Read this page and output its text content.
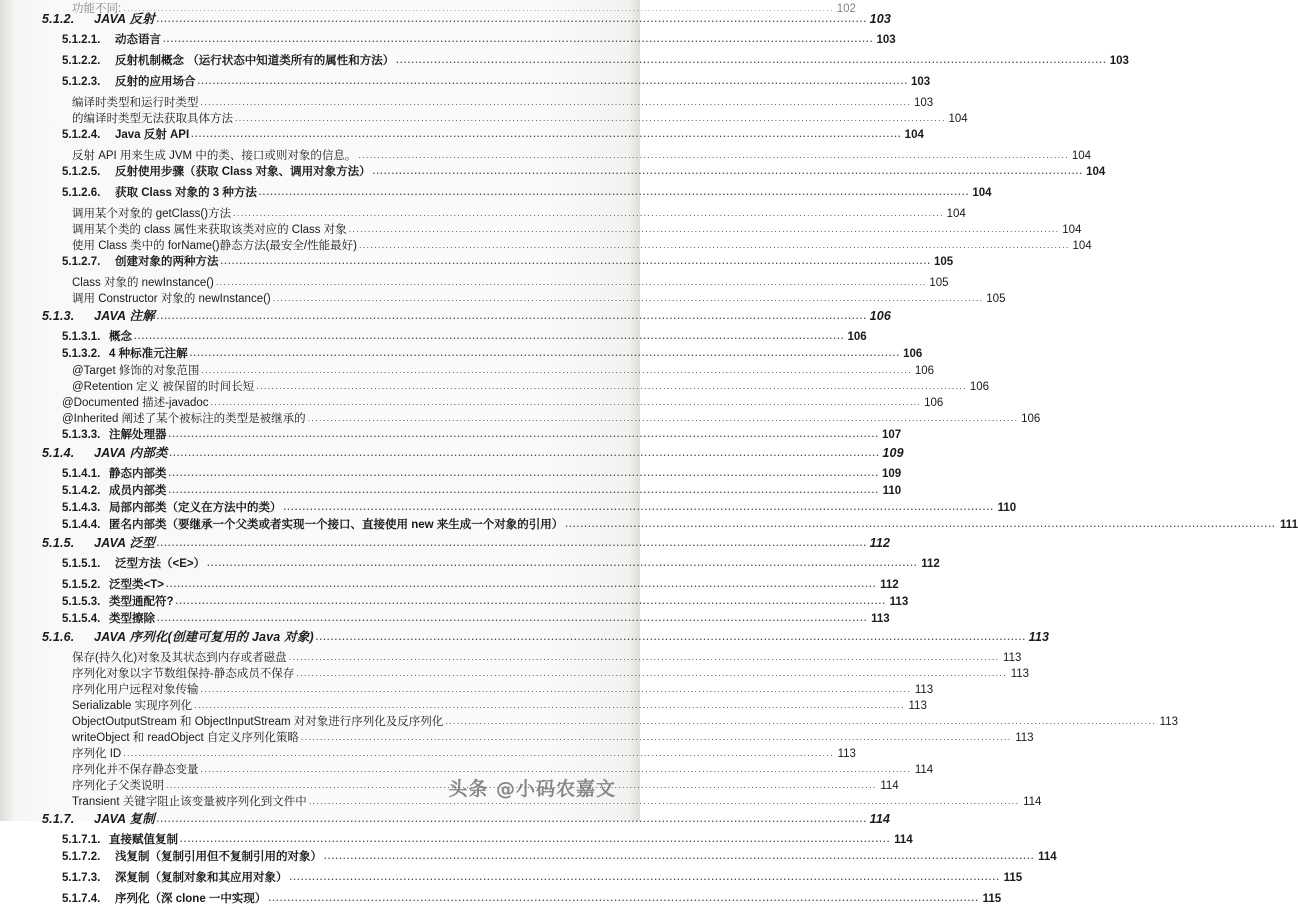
功能不同: .....	102
5.1.2.	JAVA 反射 .....	103
5.1.2.1.	动态语言 .....	103
5.1.2.2.	反射机制概念 （运行状态中知道类所有的属性和方法） .....	103
5.1.2.3.	反射的应用场合 .....	103
编译时类型和运行时类型 .....	103
的编译时类型无法获取具体方法 .....	104
5.1.2.4.	Java 反射 API .....	104
反射 API 用来生成 JVM 中的类、接口或则对象的信息。 .....	104
5.1.2.5.	反射使用步骤（获取 Class 对象、调用对象方法） .....	104
5.1.2.6.	获取 Class 对象的 3 种方法 .....	104
调用某个对象的 getClass()方法 .....	104
调用某个类的 class 属性来获取该类对应的 Class 对象 .....	104
使用 Class 类中的 forName()静态方法(最安全/性能最好) .....	104
5.1.2.7.	创建对象的两种方法 .....	105
Class 对象的 newInstance() .....	105
调用 Constructor 对象的 newInstance() .....	105
5.1.3.	JAVA 注解 .....	106
5.1.3.1. 概念 .....	106
5.1.3.2. 4 种标准元注解 .....	106
@Target 修饰的对象范围 .....	106
@Retention 定义 被保留的时间长短 .....	106
@Documented 描述-javadoc .....	106
@Inherited 阐述了某个被标注的类型是被继承的 .....	106
5.1.3.3. 注解处理器 .....	107
5.1.4.	JAVA 内部类 .....	109
5.1.4.1. 静态内部类 .....	109
5.1.4.2. 成员内部类 .....	110
5.1.4.3. 局部内部类（定义在方法中的类） .....	110
5.1.4.4. 匿名内部类（要继承一个父类或者实现一个接口、直接使用 new 来生成一个对象的引用） .....	111
5.1.5.	JAVA 泛型 .....	112
5.1.5.1.	泛型方法（<E>） .....	112
5.1.5.2. 泛型类<T> .....	112
5.1.5.3. 类型通配符? .....	113
5.1.5.4. 类型擦除 .....	113
5.1.6.	JAVA 序列化(创建可复用的 Java 对象) .....	113
保存(持久化)对象及其状态到内存或者磁盘 .....	113
序列化对象以字节数组保持-静态成员不保存 .....	113
序列化用户远程对象传输 .....	113
Serializable 实现序列化 .....	113
ObjectOutputStream 和 ObjectInputStream 对对象进行序列化及反序列化 .....	113
writeObject 和 readObject 自定义序列化策略 .....	113
序列化 ID .....	113
序列化并不保存静态变量 .....	114
序列化子父类说明 .....	114
Transient 关键字阻止该变量被序列化到文件中 .....	114
5.1.7.	JAVA 复制 .....	114
5.1.7.1. 直接赋值复制 .....	114
5.1.7.2.	浅复制（复制引用但不复制引用的对象） .....	114
5.1.7.3.	深复制（复制对象和其应用对象） .....	115
5.1.7.4.	序列化（深 clone 一中实现） .....	115
头条 @小码农嘉文
